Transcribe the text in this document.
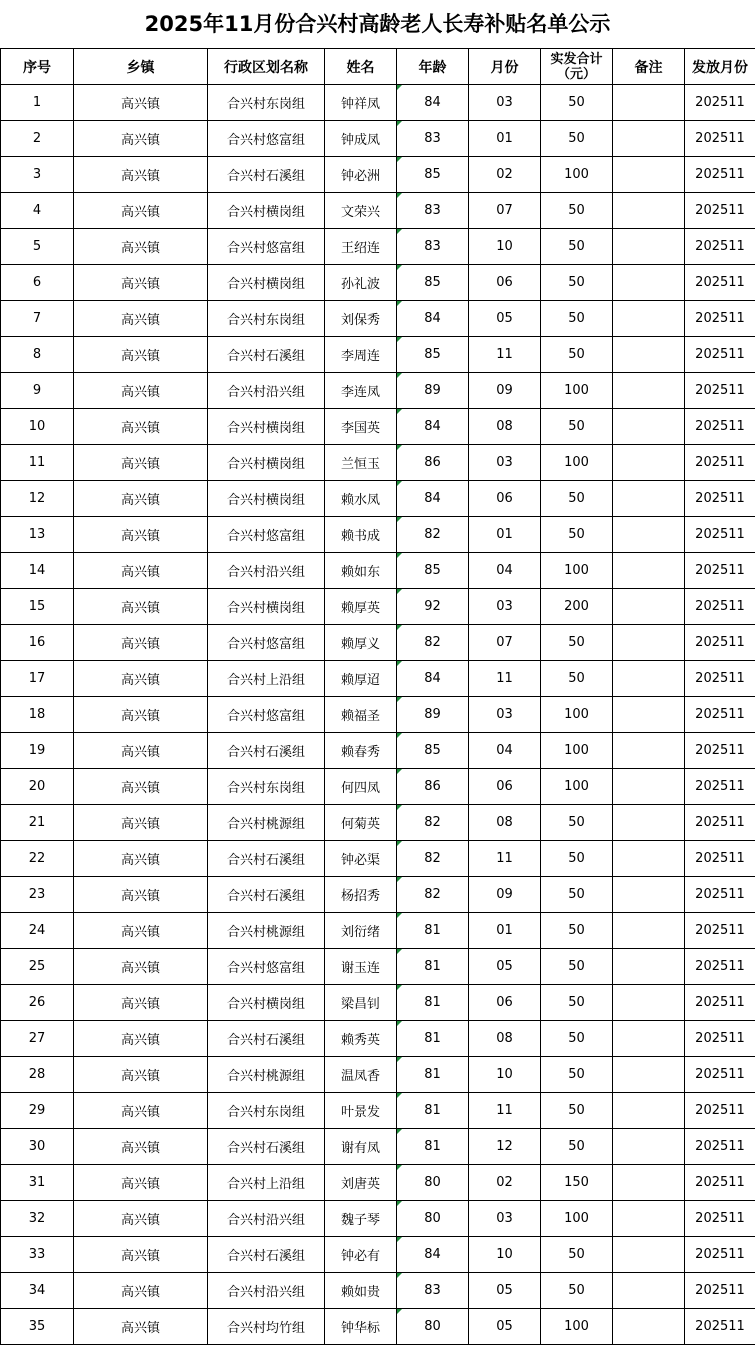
2025年11月份合兴村高龄老人长寿补贴名单公示
序号	乡镇	行政区划名称	姓名	年龄	月份	实发合计（元）	备注	发放月份
1	高兴镇	合兴村东岗组	钟祥凤	84	03	50		202511
2	高兴镇	合兴村悠富组	钟成凤	83	01	50		202511
3	高兴镇	合兴村石溪组	钟必洲	85	02	100		202511
4	高兴镇	合兴村横岗组	文荣兴	83	07	50		202511
5	高兴镇	合兴村悠富组	王绍连	83	10	50		202511
6	高兴镇	合兴村横岗组	孙礼波	85	06	50		202511
7	高兴镇	合兴村东岗组	刘保秀	84	05	50		202511
8	高兴镇	合兴村石溪组	李周连	85	11	50		202511
9	高兴镇	合兴村沿兴组	李连凤	89	09	100		202511
10	高兴镇	合兴村横岗组	李国英	84	08	50		202511
11	高兴镇	合兴村横岗组	兰恒玉	86	03	100		202511
12	高兴镇	合兴村横岗组	赖水凤	84	06	50		202511
13	高兴镇	合兴村悠富组	赖书成	82	01	50		202511
14	高兴镇	合兴村沿兴组	赖如东	85	04	100		202511
15	高兴镇	合兴村横岗组	赖厚英	92	03	200		202511
16	高兴镇	合兴村悠富组	赖厚义	82	07	50		202511
17	高兴镇	合兴村上沿组	赖厚迢	84	11	50		202511
18	高兴镇	合兴村悠富组	赖福圣	89	03	100		202511
19	高兴镇	合兴村石溪组	赖春秀	85	04	100		202511
20	高兴镇	合兴村东岗组	何四凤	86	06	100		202511
21	高兴镇	合兴村桃源组	何菊英	82	08	50		202511
22	高兴镇	合兴村石溪组	钟必渠	82	11	50		202511
23	高兴镇	合兴村石溪组	杨招秀	82	09	50		202511
24	高兴镇	合兴村桃源组	刘衍绪	81	01	50		202511
25	高兴镇	合兴村悠富组	谢玉连	81	05	50		202511
26	高兴镇	合兴村横岗组	梁昌钊	81	06	50		202511
27	高兴镇	合兴村石溪组	赖秀英	81	08	50		202511
28	高兴镇	合兴村桃源组	温凤香	81	10	50		202511
29	高兴镇	合兴村东岗组	叶景发	81	11	50		202511
30	高兴镇	合兴村石溪组	谢有凤	81	12	50		202511
31	高兴镇	合兴村上沿组	刘唐英	80	02	150		202511
32	高兴镇	合兴村沿兴组	魏子琴	80	03	100		202511
33	高兴镇	合兴村石溪组	钟必有	84	10	50		202511
34	高兴镇	合兴村沿兴组	赖如贵	83	05	50		202511
35	高兴镇	合兴村均竹组	钟华标	80	05	100		202511
